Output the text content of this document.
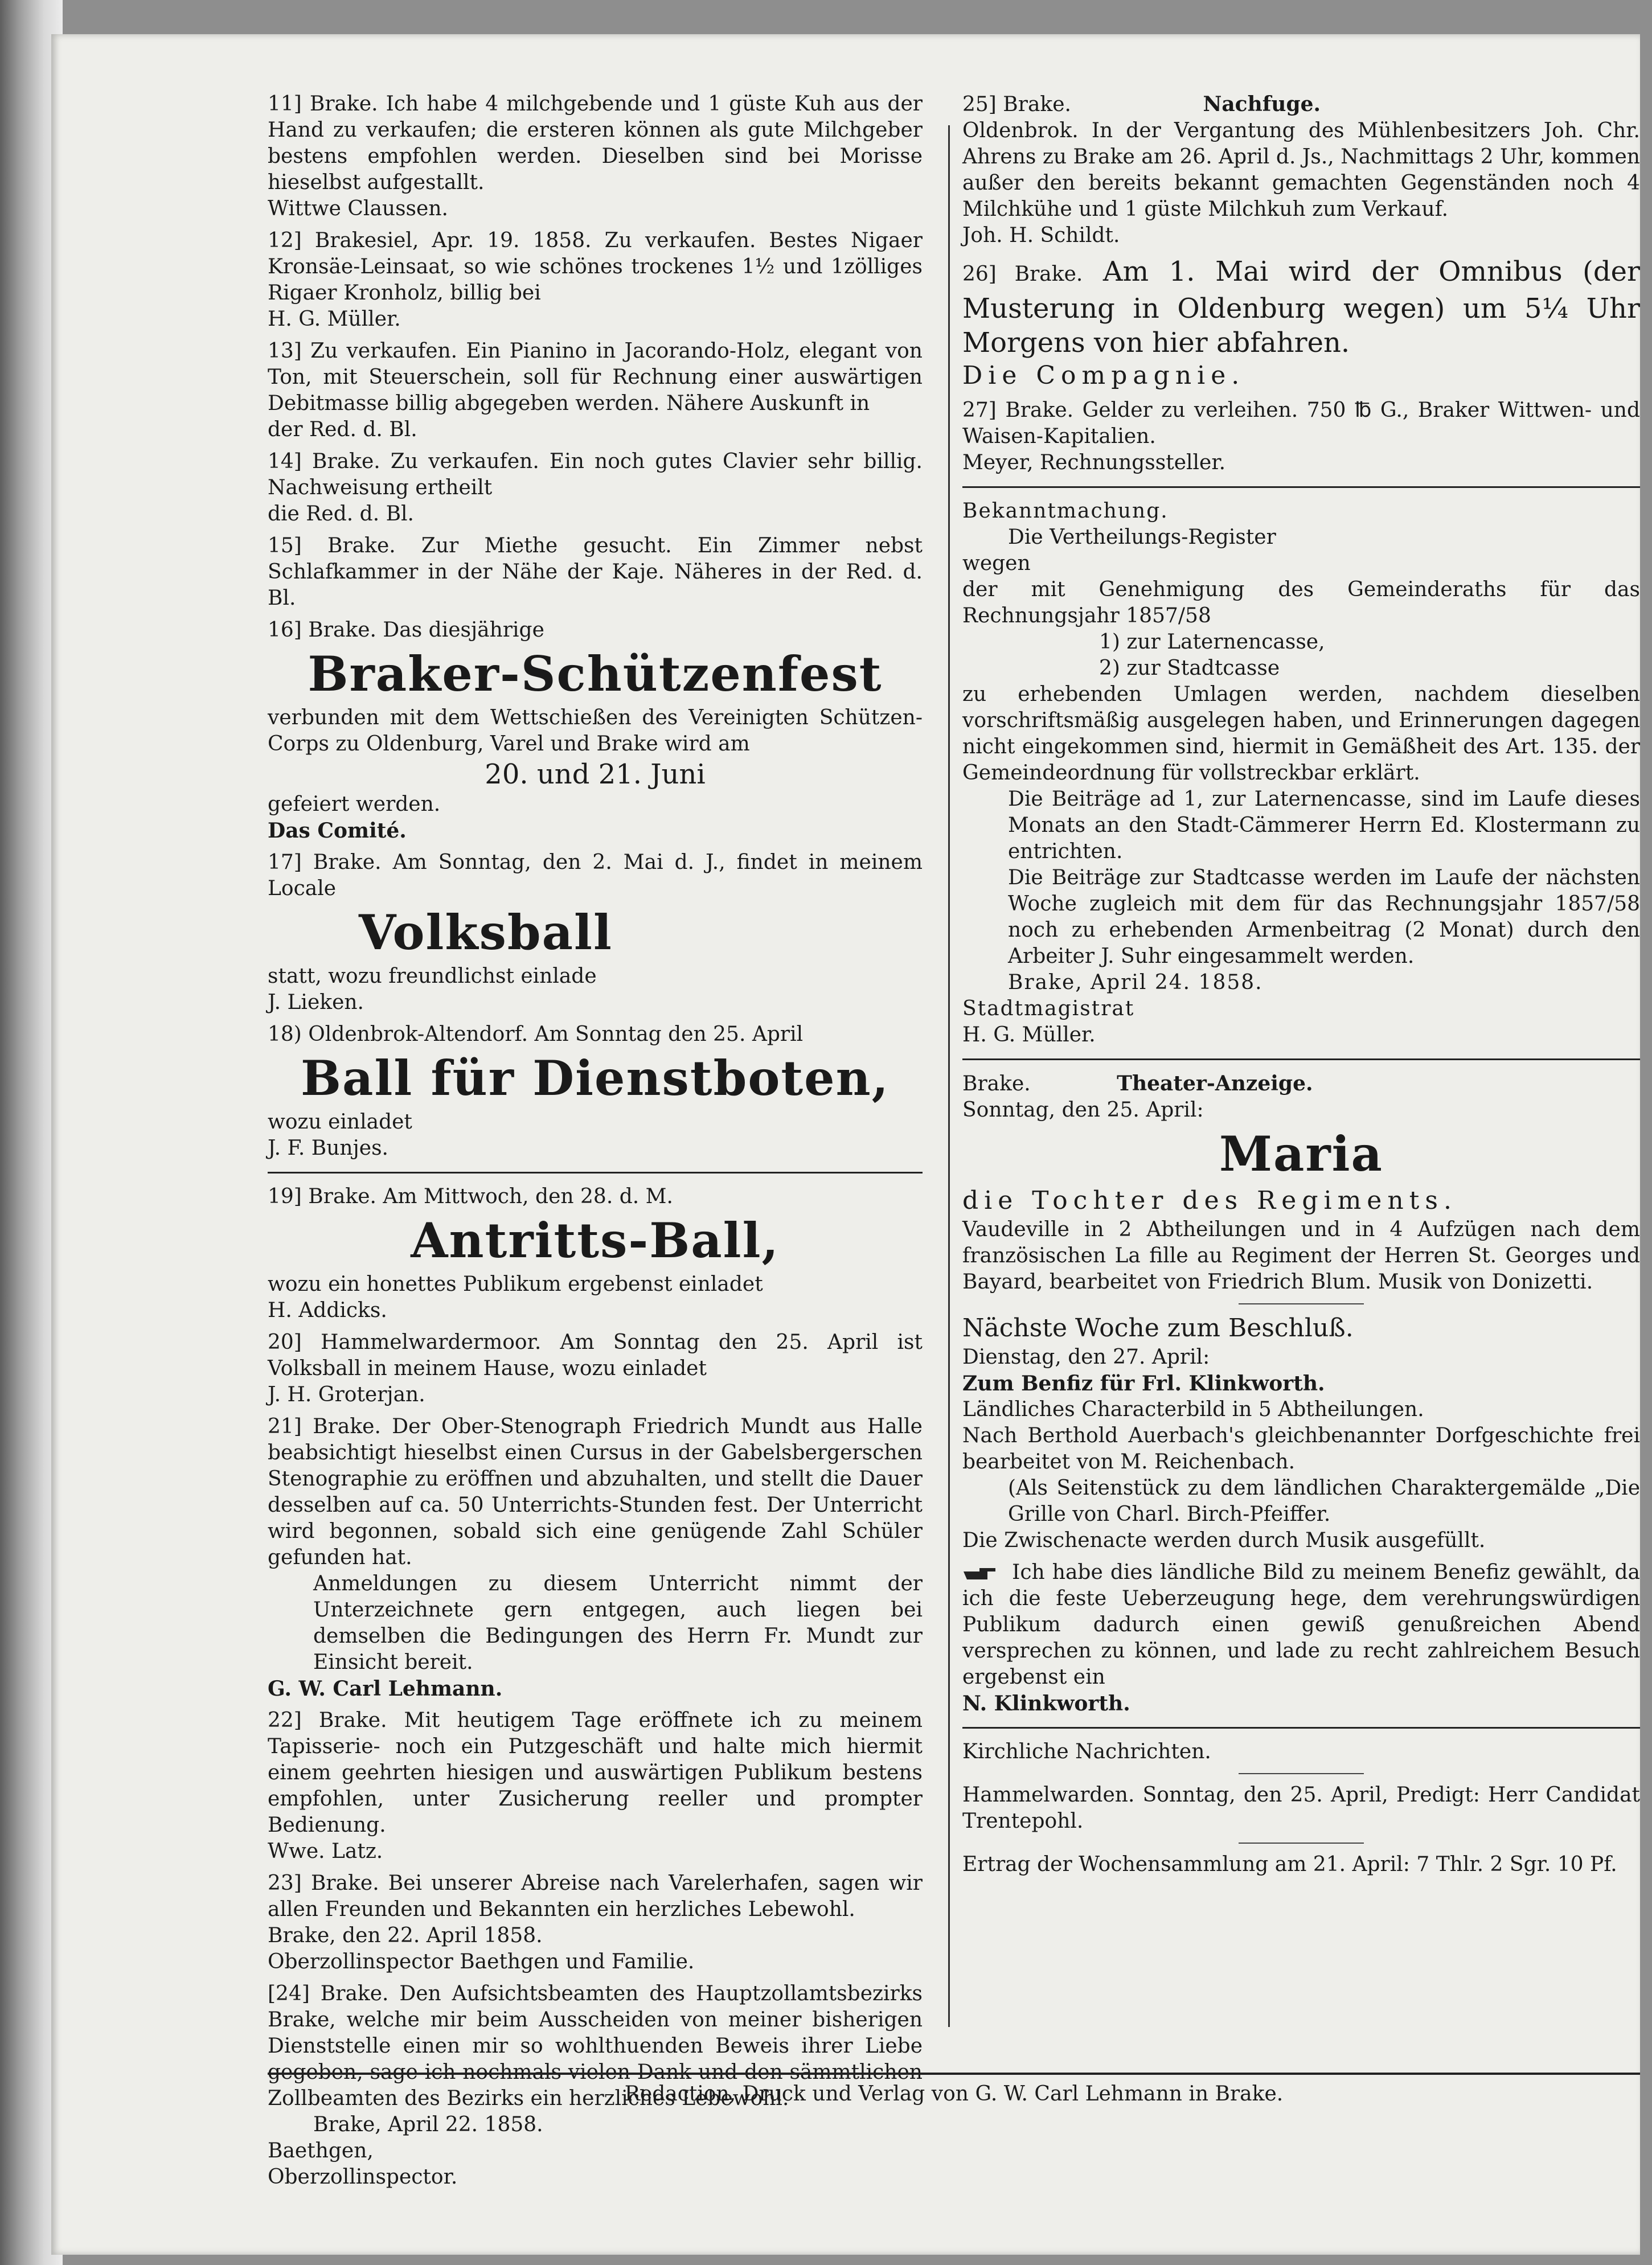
11] Brake. Ich habe 4 milchgebende und 1 güste Kuh aus der Hand zu verkaufen; die ersteren können als gute Milchgeber bestens empfohlen werden. Dieselben sind bei Morisse hieselbst aufgestallt.

Wittwe Claussen.

12] Brakesiel, Apr. 19. 1858. Zu verkaufen. Bestes Nigaer Kronsäe-Leinsaat, so wie schönes trockenes 1½ und 1zölliges Rigaer Kronholz, billig bei

H. G. Müller.

13] Zu verkaufen. Ein Pianino in Jacorando-Holz, elegant von Ton, mit Steuerschein, soll für Rechnung einer auswärtigen Debitmasse billig abgegeben werden. Nähere Auskunft in

der Red. d. Bl.

14] Brake. Zu verkaufen. Ein noch gutes Clavier sehr billig. Nachweisung ertheilt

die Red. d. Bl.

15] Brake. Zur Miethe gesucht. Ein Zimmer nebst Schlafkammer in der Nähe der Kaje. Näheres in der Red. d. Bl.

16] Brake. Das diesjährige

Braker-Schützenfest

verbunden mit dem Wettschießen des Vereinigten Schützen-Corps zu Oldenburg, Varel und Brake wird am

20. und 21. Juni

gefeiert werden.

Das Comité.

17] Brake. Am Sonntag, den 2. Mai d. J., findet in meinem Locale

Volksball

statt, wozu freundlichst einlade

J. Lieken.

18) Oldenbrok-Altendorf. Am Sonntag den 25. April

Ball für Dienstboten,

wozu einladet

J. F. Bunjes.

19] Brake. Am Mittwoch, den 28. d. M.

Antritts-Ball,

wozu ein honettes Publikum ergebenst einladet

H. Addicks.

20] Hammelwardermoor. Am Sonntag den 25. April ist Volksball in meinem Hause, wozu einladet

J. H. Groterjan.

21] Brake. Der Ober-Stenograph Friedrich Mundt aus Halle beabsichtigt hieselbst einen Cursus in der Gabelsbergerschen Stenographie zu eröffnen und abzuhalten, und stellt die Dauer desselben auf ca. 50 Unterrichts-Stunden fest. Der Unterricht wird begonnen, sobald sich eine genügende Zahl Schüler gefunden hat.

Anmeldungen zu diesem Unterricht nimmt der Unterzeichnete gern entgegen, auch liegen bei demselben die Bedingungen des Herrn Fr. Mundt zur Einsicht bereit.

G. W. Carl Lehmann.

22] Brake. Mit heutigem Tage eröffnete ich zu meinem Tapisserie- noch ein Putzgeschäft und halte mich hiermit einem geehrten hiesigen und auswärtigen Publikum bestens empfohlen, unter Zusicherung reeller und prompter Bedienung.

Wwe. Latz.

23] Brake. Bei unserer Abreise nach Varelerhafen, sagen wir allen Freunden und Bekannten ein herzliches Lebewohl.

Brake, den 22. April 1858.

Oberzollinspector Baethgen und Familie.

[24] Brake. Den Aufsichtsbeamten des Hauptzollamtsbezirks Brake, welche mir beim Ausscheiden von meiner bisherigen Dienststelle einen mir so wohlthuenden Beweis ihrer Liebe gegeben, sage ich nochmals vielen Dank und den sämmtlichen Zollbeamten des Bezirks ein herzliches Lebewohl.

Brake, April 22. 1858.

Baethgen,

Oberzollinspector.

25] Brake.	Nachfuge.

Oldenbrok. In der Vergantung des Mühlenbesitzers Joh. Chr. Ahrens zu Brake am 26. April d. Js., Nachmittags 2 Uhr, kommen außer den bereits bekannt gemachten Gegenständen noch 4 Milchkühe und 1 güste Milchkuh zum Verkauf.

Joh. H. Schildt.

26] Brake. Am 1. Mai wird der Omnibus (der Musterung in Oldenburg wegen) um 5¼ Uhr Morgens von hier abfahren.

Die Compagnie.

27] Brake. Gelder zu verleihen. 750 ℔ G., Braker Wittwen- und Waisen-Kapitalien.

Meyer, Rechnungssteller.

Bekanntmachung.

Die Vertheilungs-Register

wegen

der mit Genehmigung des Gemeinderaths für das Rechnungsjahr 1857/58

1) zur Laternencasse,

2) zur Stadtcasse

zu erhebenden Umlagen werden, nachdem dieselben vorschriftsmäßig ausgelegen haben, und Erinnerungen dagegen nicht eingekommen sind, hiermit in Gemäßheit des Art. 135. der Gemeindeordnung für vollstreckbar erklärt.

Die Beiträge ad 1, zur Laternencasse, sind im Laufe dieses Monats an den Stadt-Cämmerer Herrn Ed. Klostermann zu entrichten.

Die Beiträge zur Stadtcasse werden im Laufe der nächsten Woche zugleich mit dem für das Rechnungsjahr 1857/58 noch zu erhebenden Armenbeitrag (2 Monat) durch den Arbeiter J. Suhr eingesammelt werden.

Brake, April 24. 1858.

Stadtmagistrat

H. G. Müller.

Brake.	Theater-Anzeige.

Sonntag, den 25. April:

Maria

die Tochter des Regiments.

Vaudeville in 2 Abtheilungen und in 4 Aufzügen nach dem französischen La fille au Regiment der Herren St. Georges und Bayard, bearbeitet von Friedrich Blum. Musik von Donizetti.

Nächste Woche zum Beschluß.

Dienstag, den 27. April:

Zum Benfiz für Frl. Klinkworth.

Ländliches Characterbild in 5 Abtheilungen.

Nach Berthold Auerbach's gleichbenannter Dorfgeschichte frei bearbeitet von M. Reichenbach.

(Als Seitenstück zu dem ländlichen Charaktergemälde „Die Grille von Charl. Birch-Pfeiffer.

Die Zwischenacte werden durch Musik ausgefüllt.

Ich habe dies ländliche Bild zu meinem Benefiz gewählt, da ich die feste Ueberzeugung hege, dem verehrungswürdigen Publikum dadurch einen gewiß genußreichen Abend versprechen zu können, und lade zu recht zahlreichem Besuch ergebenst ein

N. Klinkworth.

Kirchliche Nachrichten.

Hammelwarden. Sonntag, den 25. April, Predigt: Herr Candidat Trentepohl.

Ertrag der Wochensammlung am 21. April: 7 Thlr. 2 Sgr. 10 Pf.

Redaction, Druck und Verlag von G. W. Carl Lehmann in Brake.
